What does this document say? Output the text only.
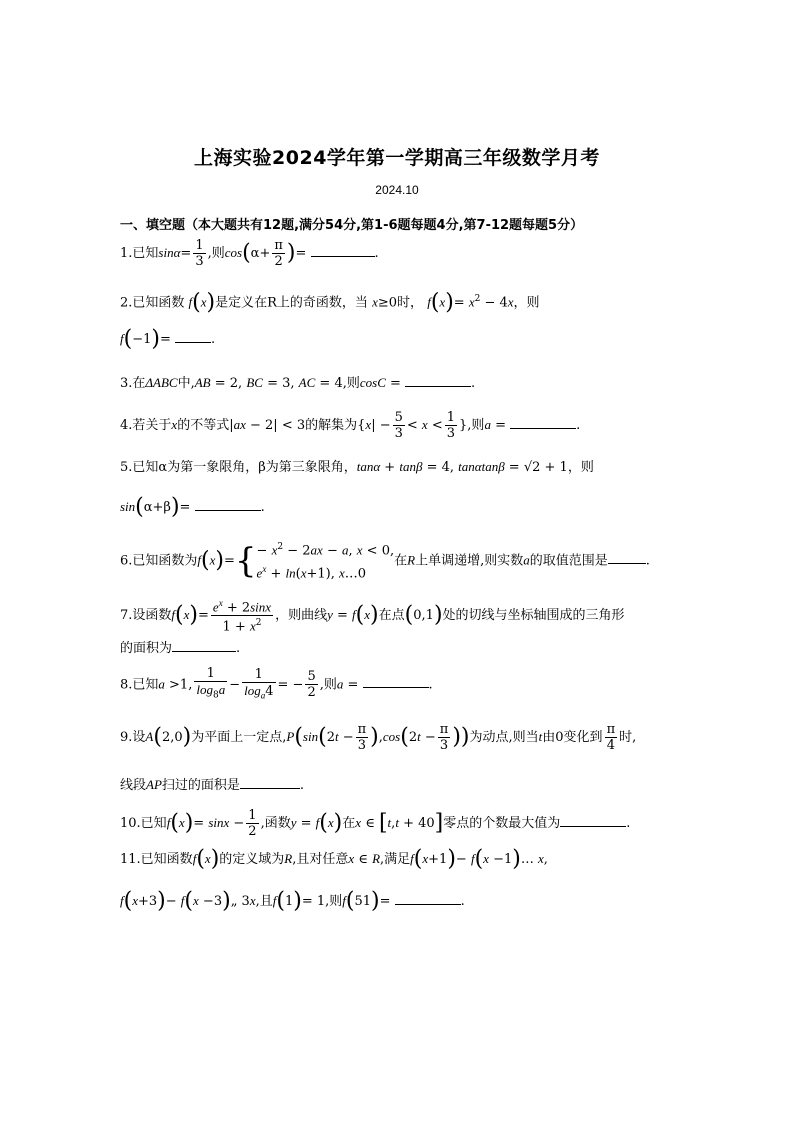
上海实验2024学年第一学期高三年级数学月考
2024.10
一、填空题（本大题共有12题,满分54分,第1-6题每题4分,第7-12题每题5分）
1.已知$\sin\alpha= \frac{1}{3}$ ,则$\cos(\alpha+ \frac{\pi}{2}$ )=	.
2.已知函数 f(x)是定义在R上的奇函数，当 x≥0时， $f(x)= x^2 - 4x$，则
f(−1)=	.
3.在ΔABC中,AB = 2, BC = 3, AC = 4,则cosC =	.
4.若关于x的不等式|ax − 2| < 3的解集为{$x| - \frac{5}{3} < x < \frac{1}{3}$ },则a =	.
5.已知α为第一象限角，β为第三象限角，tanα + tanβ = 4, tanαtanβ = √2 + 1，则
sin(α+β)=	.
6.已知函数为$f(x)=\{ - x^2 - 2ax - a$, x < 0,
$e^x + \ln(x+1)$, x…0
在R上单调递增,则实数a的取值范围是	.
7.设函数$f(x)= \frac{e^x + 2\sin x}{1 + x^2}$ ，则曲线y = f(x)在点(0,1)处的切线与坐标轴围成的三角形
的面积为	.
8.已知a >1, $\frac{1}{\log_8a} - \frac{1}{\log_a4}$ = − $\frac{5}{2}$ ,则a =	.
9.设A(2,0)为平面上一定点$,P(\sin(2t - \frac{\pi}{3} ),\cos(2t - \frac{\pi}{3}$ ))为动点,则当t由0变化到 $\frac{\pi}{4}$ 时,
线段AP扫过的面积是	.
10.已知$f(x)= \sin x - \frac{1}{2}$ ,函数y = f(x)在x ∈ [t,t + 40]零点的个数最大值为	.
11.已知函数f(x)的定义域为R,且对任意x ∈ R,满足f(x+1)− f(x −1)… x,
f(x+3)− f(x −3)„ 3x,且f(1)= 1,则f(51)=	.
